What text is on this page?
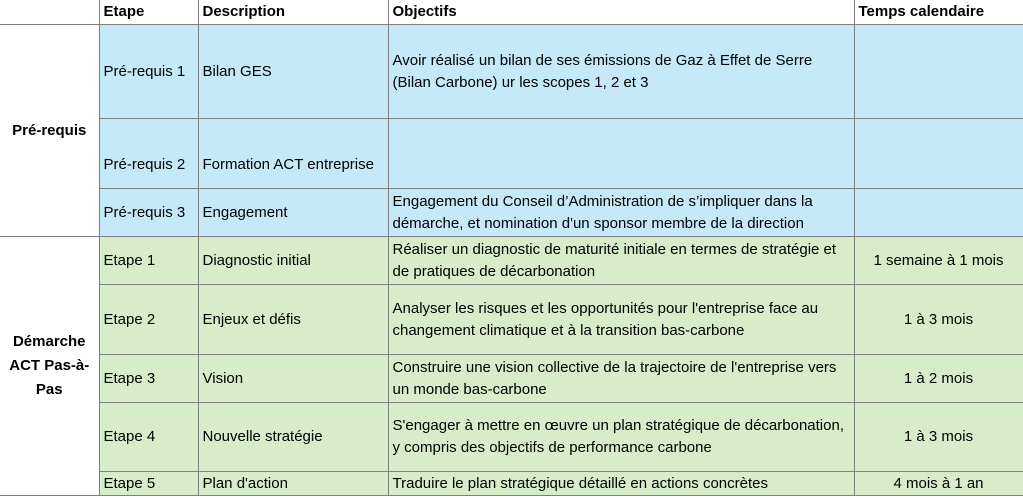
	Etape	Description	Objectifs	Temps calendaire
Pré-requis	Pré-requis 1	Bilan GES	Avoir réalisé un bilan de ses émissions de Gaz à Effet de Serre (Bilan Carbone) ur les scopes 1, 2 et 3	
	Pré-requis 2	Formation ACT entreprise		
	Pré-requis 3	Engagement	Engagement du Conseil d’Administration de s’impliquer dans la démarche, et nomination d'un sponsor membre de la direction	
Démarche ACT Pas-à-Pas	Etape 1	Diagnostic initial	Réaliser un diagnostic de maturité initiale en termes de stratégie et de pratiques de décarbonation	1 semaine à 1 mois
	Etape 2	Enjeux et défis	Analyser les risques et les opportunités pour l'entreprise face au changement climatique et à la transition bas-carbone	1 à 3 mois
	Etape 3	Vision	Construire une vision collective de la trajectoire de l'entreprise vers un monde bas-carbone	1 à 2 mois
	Etape 4	Nouvelle stratégie	S'engager à mettre en œuvre un plan stratégique de décarbonation, y compris des objectifs de performance carbone	1 à 3 mois
	Etape 5	Plan d'action	Traduire le plan stratégique détaillé en actions concrètes	4 mois à 1 an
